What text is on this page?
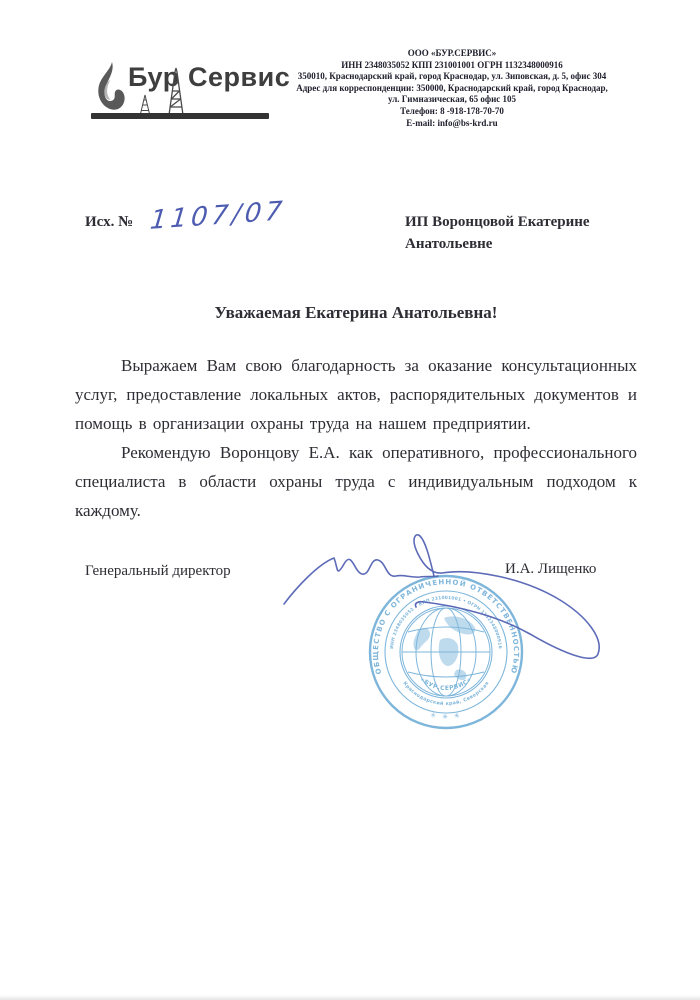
Бур Сервис
ООО «БУР.СЕРВИС»
ИНН 2348035052 КПП 231001001 ОГРН 1132348000916
350010, Краснодарский край, город Краснодар, ул. Зиповская, д. 5, офис 304
Адрес для корреспонденции: 350000, Краснодарский край, город Краснодар,
ул. Гимназическая, 65 офис 105
Телефон: 8 -918-178-70-70
E-mail: info@bs-krd.ru
Исх. № 1107/07	ИП Воронцовой Екатерине
Анатольевне
Уважаемая Екатерина Анатольевна!

Выражаем Вам свою благодарность за оказание консультационных услуг, предоставление локальных актов, распорядительных документов и помощь в организации охраны труда на нашем предприятии.

Рекомендую Воронцову Е.А. как оперативного, профессионального специалиста в области охраны труда с индивидуальным подходом к каждому.

Генеральный директор	И.А. Лищенко
ОБЩЕСТВО С ОГРАНИЧЕННОЙ ОТВЕТСТВЕННОСТЬЮ
✳ ✳ ✳
ИНН 2348035052 • КПП 231001001 • ОГРН 1132348000916
Краснодарский край, Северская
«БУР.СЕРВИС»
